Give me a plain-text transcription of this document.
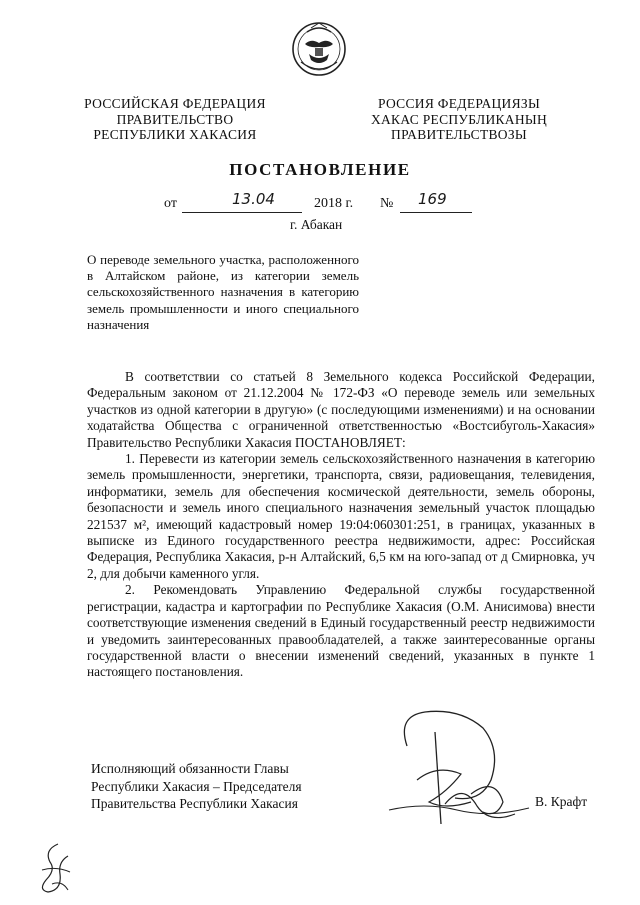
РОССИЙСКАЯ ФЕДЕРАЦИЯ
ПРАВИТЕЛЬСТВО
РЕСПУБЛИКИ ХАКАСИЯ
РОССИЯ ФЕДЕРАЦИЯЗЫ
ХАКАС РЕСПУБЛИКАНЫҢ
ПРАВИТЕЛЬСТВОЗЫ
ПОСТАНОВЛЕНИЕ
от	13.04	2018 г. № 169
г. Абакан
О переводе земельного участка, расположенного в Алтайском районе, из категории земель сельскохозяйственного назначения в категорию земель промышленности и иного специального назначения

В соответствии со статьей 8 Земельного кодекса Российской Федерации, Федеральным законом от 21.12.2004 № 172-ФЗ «О переводе земель или земельных участков из одной категории в другую» (с последующими изменениями) и на основании ходатайства Общества с ограниченной ответственностью «Востсибуголь-Хакасия» Правительство Республики Хакасия ПОСТАНОВЛЯЕТ:

1. Перевести из категории земель сельскохозяйственного назначения в категорию земель промышленности, энергетики, транспорта, связи, радиовещания, телевидения, информатики, земель для обеспечения космической деятельности, земель обороны, безопасности и земель иного специального назначения земельный участок площадью 221537 м², имеющий кадастровый номер 19:04:060301:251, в границах, указанных в выписке из Единого государственного реестра недвижимости, адрес: Российская Федерация, Республика Хакасия, р-н Алтайский, 6,5 км на юго-запад от д Смирновка, уч 2, для добычи каменного угля.

2. Рекомендовать Управлению Федеральной службы государственной регистрации, кадастра и картографии по Республике Хакасия (О.М. Анисимова) внести соответствующие изменения сведений в Единый государственный реестр недвижимости и уведомить заинтересованных правообладателей, а также заинтересованные органы государственной власти о внесении изменений сведений, указанных в пункте 1 настоящего постановления.

Исполняющий обязанности Главы
Республики Хакасия – Председателя
Правительства Республики Хакасия	В. Крафт
